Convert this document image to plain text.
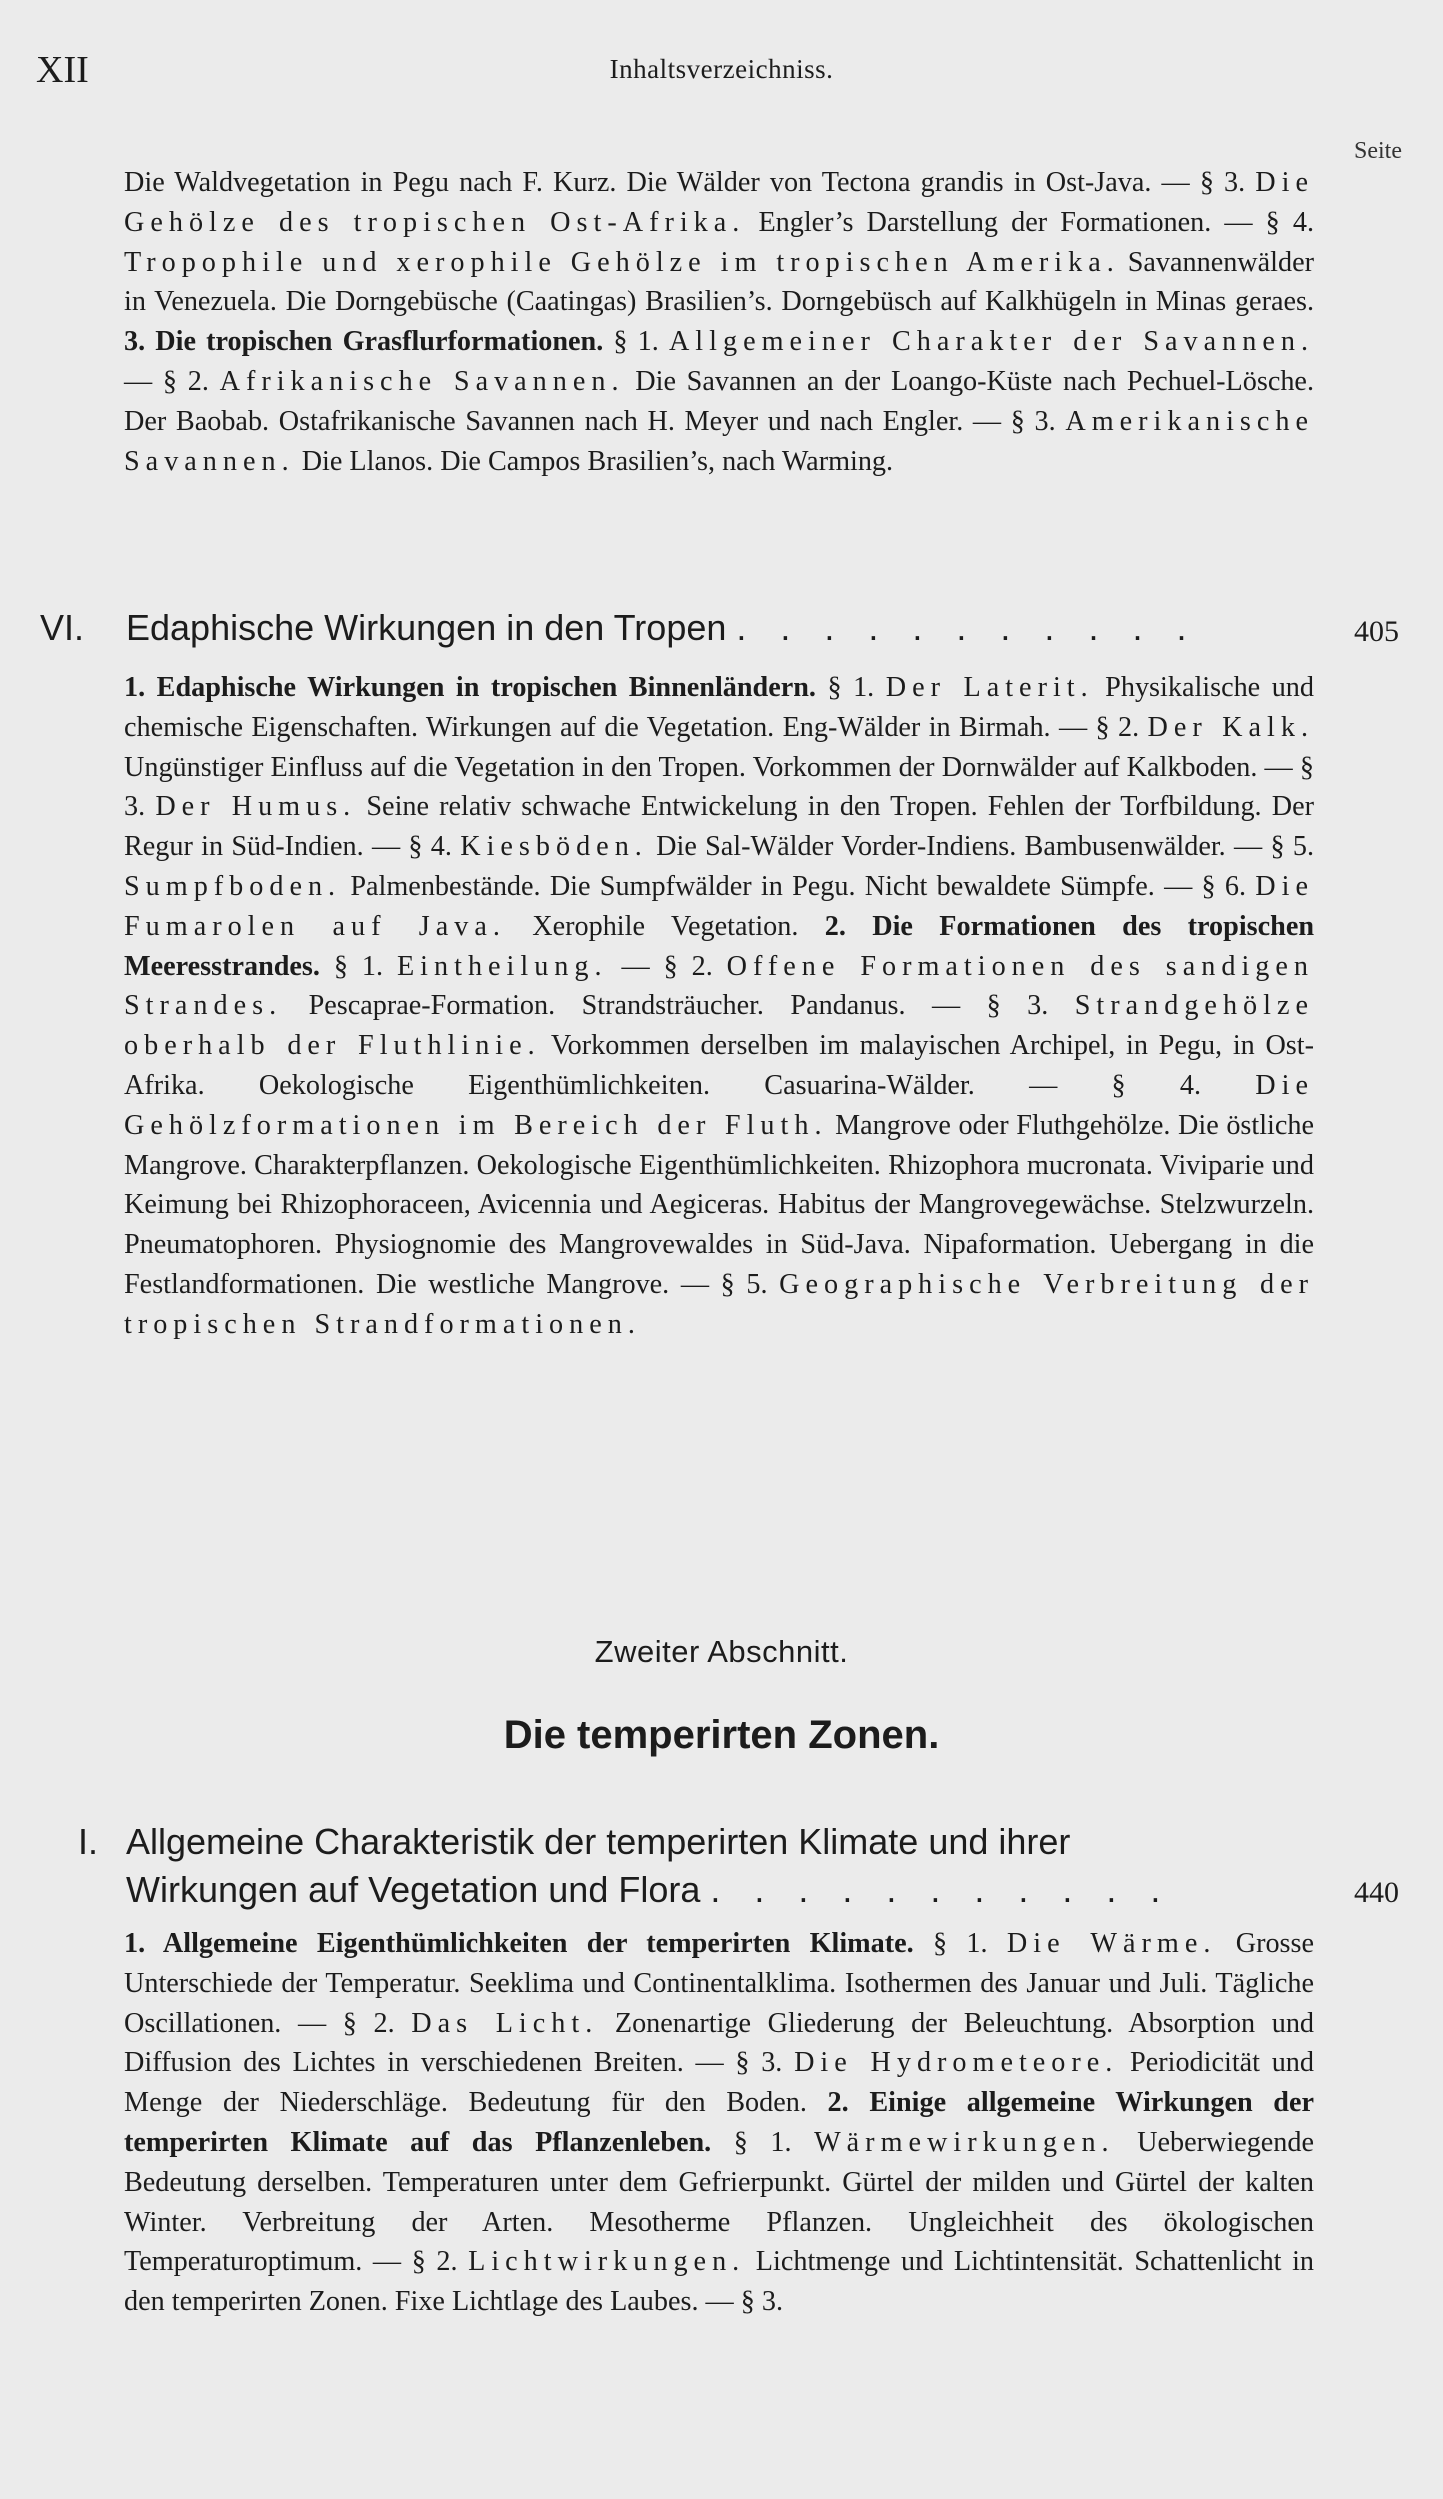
XII	Inhaltsverzeichniss.
Seite

Die Waldvegetation in Pegu nach F. Kurz. Die Wälder von Tectona grandis in Ost-Java. — § 3. Die Gehölze des tropischen Ost-Afrika. Engler’s Darstellung der Formationen. — § 4. Tropophile und xerophile Gehölze im tropischen Amerika. Savannenwälder in Venezuela. Die Dorngebüsche (Caatingas) Brasilien’s. Dorngebüsch auf Kalkhügeln in Minas geraes. 3. Die tropischen Grasflurformationen. § 1. Allgemeiner Charakter der Savannen. — § 2. Afrikanische Savannen. Die Savannen an der Loango-Küste nach Pechuel-Lösche. Der Baobab. Ostafrikanische Savannen nach H. Meyer und nach Engler. — § 3. Amerikanische Savannen. Die Llanos. Die Campos Brasilien’s, nach Warming.

VI. Edaphische Wirkungen in den Tropen . . . . . . . . . . .	405

1. Edaphische Wirkungen in tropischen Binnenländern. § 1. Der Laterit. Physikalische und chemische Eigenschaften. Wirkungen auf die Vegetation. Eng-Wälder in Birmah. — § 2. Der Kalk. Ungünstiger Einfluss auf die Vegetation in den Tropen. Vorkommen der Dornwälder auf Kalkboden. — § 3. Der Humus. Seine relativ schwache Entwickelung in den Tropen. Fehlen der Torfbildung. Der Regur in Süd-Indien. — § 4. Kiesböden. Die Sal-Wälder Vorder-Indiens. Bambusenwälder. — § 5. Sumpfboden. Palmenbestände. Die Sumpfwälder in Pegu. Nicht bewaldete Sümpfe. — § 6. Die Fumarolen auf Java. Xerophile Vegetation. 2. Die Formationen des tropischen Meeresstrandes. § 1. Eintheilung. — § 2. Offene Formationen des sandigen Strandes. Pescaprae-Formation. Strandsträucher. Pandanus. — § 3. Strandgehölze oberhalb der Fluthlinie. Vorkommen derselben im malayischen Archipel, in Pegu, in Ost-Afrika. Oekologische Eigenthümlichkeiten. Casuarina-Wälder. — § 4. Die Gehölzformationen im Bereich der Fluth. Mangrove oder Fluthgehölze. Die östliche Mangrove. Charakterpflanzen. Oekologische Eigenthümlichkeiten. Rhizophora mucronata. Viviparie und Keimung bei Rhizophoraceen, Avicennia und Aegiceras. Habitus der Mangrovegewächse. Stelzwurzeln. Pneumatophoren. Physiognomie des Mangrovewaldes in Süd-Java. Nipaformation. Uebergang in die Festlandformationen. Die westliche Mangrove. — § 5. Geographische Verbreitung der tropischen Strandformationen.

Zweiter Abschnitt.
Die temperirten Zonen.
I. Allgemeine Charakteristik der temperirten Klimate und ihrer
Wirkungen auf Vegetation und Flora . . . . . . . . . . .	440

1. Allgemeine Eigenthümlichkeiten der temperirten Klimate. § 1. Die Wärme. Grosse Unterschiede der Temperatur. Seeklima und Continentalklima. Isothermen des Januar und Juli. Tägliche Oscillationen. — § 2. Das Licht. Zonenartige Gliederung der Beleuchtung. Absorption und Diffusion des Lichtes in verschiedenen Breiten. — § 3. Die Hydrometeore. Periodicität und Menge der Niederschläge. Bedeutung für den Boden. 2. Einige allgemeine Wirkungen der temperirten Klimate auf das Pflanzenleben. § 1. Wärmewirkungen. Ueberwiegende Bedeutung derselben. Temperaturen unter dem Gefrierpunkt. Gürtel der milden und Gürtel der kalten Winter. Verbreitung der Arten. Mesotherme Pflanzen. Ungleichheit des ökologischen Temperaturoptimum. — § 2. Lichtwirkungen. Lichtmenge und Lichtintensität. Schattenlicht in den temperirten Zonen. Fixe Lichtlage des Laubes. — § 3.
